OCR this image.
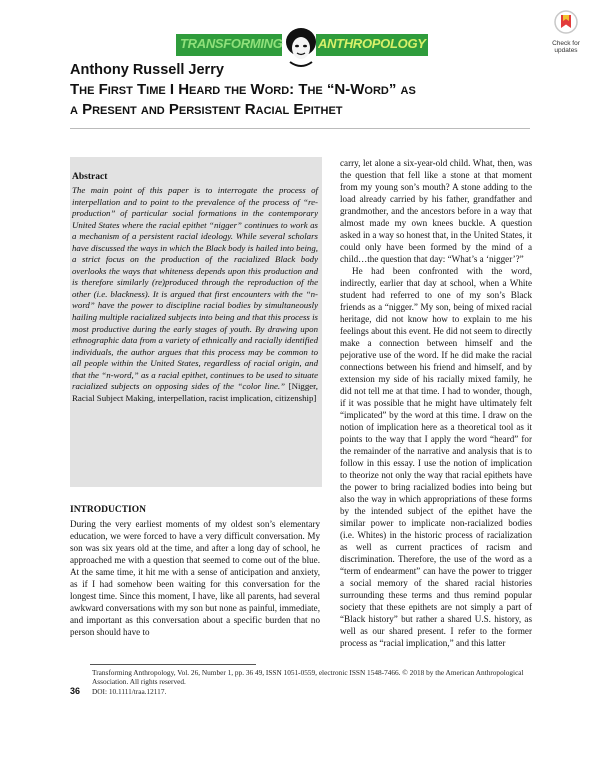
TRANSFORMING	ANTHROPOLOGY	Check for
updates
Anthony Russell Jerry
The First Time I Heard the Word: The “N-Word” as
a Present and Persistent Racial Epithet
Abstract
The main point of this paper is to interrogate the process of interpellation and to point to the prevalence of the process of “re-production” of particular social formations in the contemporary United States where the racial epithet “nigger” continues to work as a mechanism of a persistent racial ideology. While several scholars have discussed the ways in which the Black body is hailed into being, a strict focus on the production of the racialized Black body overlooks the ways that whiteness depends upon this production and is therefore similarly (re)produced through the reproduction of the other (i.e. blackness). It is argued that first encounters with the “n-word” have the power to discipline racial bodies by simultaneously hailing multiple racialized subjects into being and that this process is most productive during the early stages of youth. By drawing upon ethnographic data from a variety of ethnically and racially identified individuals, the author argues that this process may be common to all people within the United States, regardless of racial origin, and that the “n-word,” as a racial epithet, continues to be used to situate racialized subjects on opposing sides of the “color line.” [Nigger, Racial Subject Making, interpellation, racist implication, citizenship]
INTRODUCTION
During the very earliest moments of my oldest son’s elementary education, we were forced to have a very difficult conversation. My son was six years old at the time, and after a long day of school, he approached me with a question that seemed to come out of the blue. At the same time, it hit me with a sense of anticipation and anxiety, as if I had somehow been waiting for this conversation for the longest time. Since this moment, I have, like all parents, had several awkward conversations with my son but none as painful, immediate, and important as this conversation about a specific burden that no person should have to

carry, let alone a six-year-old child. What, then, was the question that fell like a stone at that moment from my young son’s mouth? A stone adding to the load already carried by his father, grandfather and grandmother, and the ancestors before in a way that almost made my own knees buckle. A question asked in a way so honest that, in the United States, it could only have been formed by the mind of a child…the question that day: “What’s a ‘nigger’?”

He had been confronted with the word, indirectly, earlier that day at school, when a White student had referred to one of my son’s Black friends as a “nigger.” My son, being of mixed racial heritage, did not know how to explain to me his feelings about this event. He did not seem to directly make a connection between himself and the pejorative use of the word. If he did make the racial connections between his friend and himself, and by extension my side of his racially mixed family, he did not tell me at that time. I had to wonder, though, if it was possible that he might have ultimately felt “implicated” by the word at this time. I draw on the notion of implication here as a theoretical tool as it points to the way that I apply the word “heard” for the remainder of the narrative and analysis that is to follow in this essay. I use the notion of implication to theorize not only the way that racial epithets have the power to bring racialized bodies into being but also the way in which appropriations of these forms by the intended subject of the epithet have the similar power to implicate non-racialized bodies (i.e. Whites) in the historic process of racialization as well as current practices of racism and discrimination. Therefore, the use of the word as a “term of endearment” can have the power to trigger a social memory of the shared racial histories surrounding these terms and thus remind popular society that these epithets are not simply a part of “Black history” but rather a shared U.S. history, as well as our shared present. I refer to the former process as “racial implication,” and this latter

Transforming Anthropology, Vol. 26, Number 1, pp. 36 49, ISSN 1051-0559, electronic ISSN 1548-7466. © 2018 by the American Anthropological Association. All rights reserved.
36 DOI: 10.1111/traa.12117.
